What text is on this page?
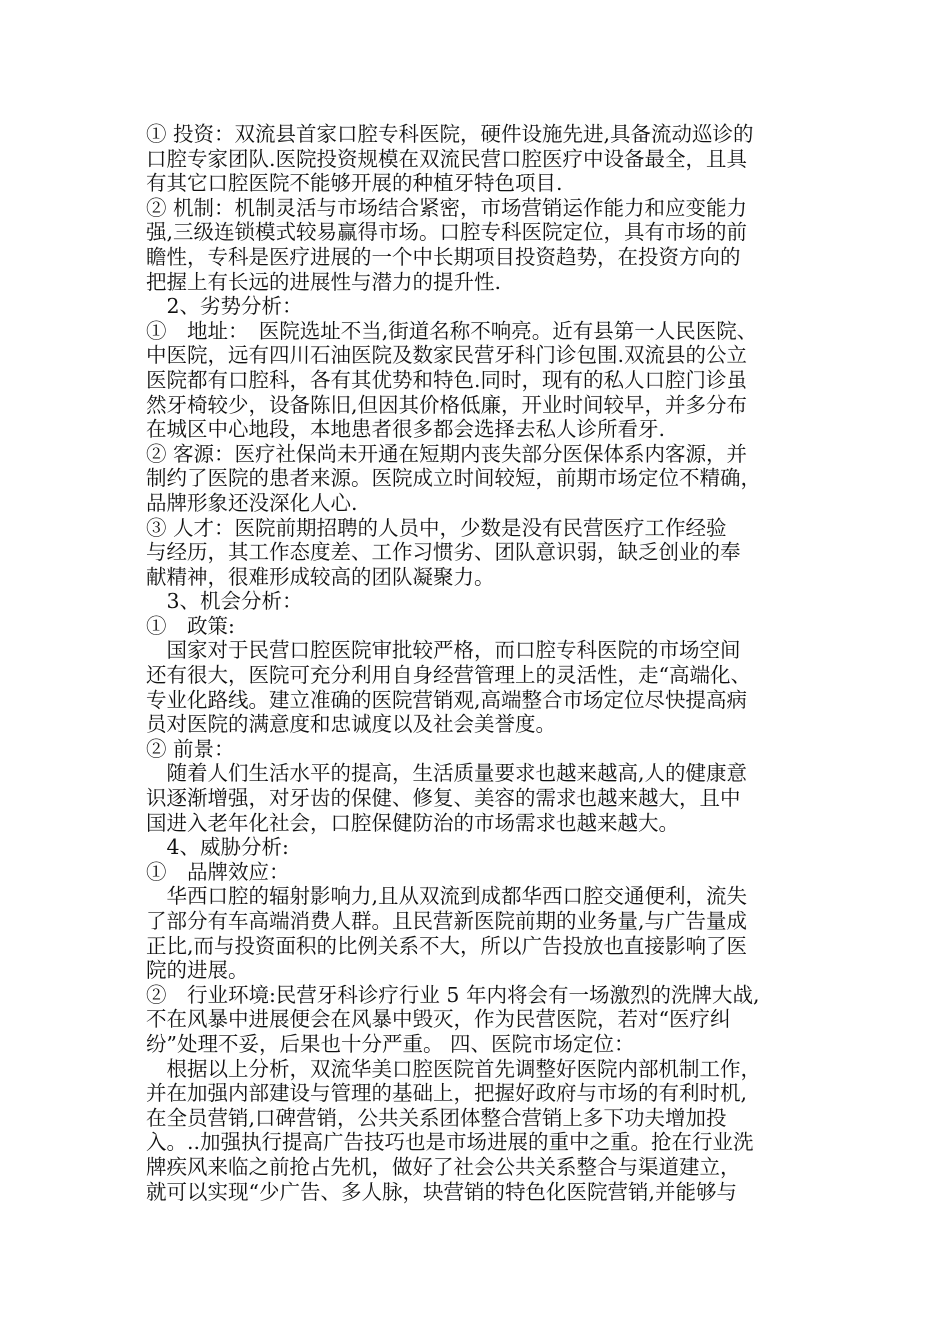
① 投资：双流县首家口腔专科医院，硬件设施先进,具备流动巡诊的
口腔专家团队.医院投资规模在双流民营口腔医疗中设备最全，且具
有其它口腔医院不能够开展的种植牙特色项目.
② 机制：机制灵活与市场结合紧密，市场营销运作能力和应变能力
强,三级连锁模式较易赢得市场。口腔专科医院定位，具有市场的前
瞻性，专科是医疗进展的一个中长期项目投资趋势，在投资方向的
把握上有长远的进展性与潜力的提升性.
　2、劣势分析：
①　地址：　医院选址不当,街道名称不响亮。近有县第一人民医院、
中医院，远有四川石油医院及数家民营牙科门诊包围.双流县的公立
医院都有口腔科，各有其优势和特色.同时，现有的私人口腔门诊虽
然牙椅较少，设备陈旧,但因其价格低廉，开业时间较早，并多分布
在城区中心地段，本地患者很多都会选择去私人诊所看牙.
② 客源：医疗社保尚未开通在短期内丧失部分医保体系内客源，并
制约了医院的患者来源。医院成立时间较短，前期市场定位不精确，
品牌形象还没深化人心.
③ 人才：医院前期招聘的人员中，少数是没有民营医疗工作经验
与经历，其工作态度差、工作习惯劣、团队意识弱，缺乏创业的奉
献精神，很难形成较高的团队凝聚力。
　3、机会分析：
①　政策:
　国家对于民营口腔医院审批较严格，而口腔专科医院的市场空间
还有很大，医院可充分利用自身经营管理上的灵活性，走“高端化、
专业化路线。建立准确的医院营销观,高端整合市场定位尽快提高病
员对医院的满意度和忠诚度以及社会美誉度。
② 前景：
　随着人们生活水平的提高，生活质量要求也越来越高,人的健康意
识逐渐增强，对牙齿的保健、修复、美容的需求也越来越大，且中
国进入老年化社会，口腔保健防治的市场需求也越来越大。
　4、威胁分析:
①　品牌效应：
　华西口腔的辐射影响力,且从双流到成都华西口腔交通便利，流失
了部分有车高端消费人群。且民营新医院前期的业务量,与广告量成
正比,而与投资面积的比例关系不大，所以广告投放也直接影响了医
院的进展。
②　行业环境:民营牙科诊疗行业 5 年内将会有一场激烈的洗牌大战,
不在风暴中进展便会在风暴中毁灭，作为民营医院，若对“医疗纠
纷”处理不妥，后果也十分严重。 四、医院市场定位：
　根据以上分析，双流华美口腔医院首先调整好医院内部机制工作，
并在加强内部建设与管理的基础上，把握好政府与市场的有利时机,
在全员营销,口碑营销，公共关系团体整合营销上多下功夫增加投
入。..加强执行提高广告技巧也是市场进展的重中之重。抢在行业洗
牌疾风来临之前抢占先机，做好了社会公共关系整合与渠道建立，
就可以实现“少广告、多人脉，块营销的特色化医院营销,并能够与
